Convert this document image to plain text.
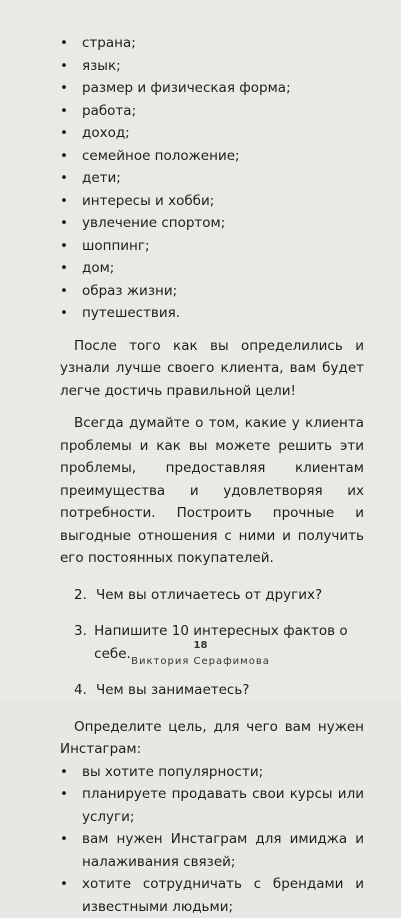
• страна;
• язык;
• размер и физическая форма;
• работа;
• доход;
• семейное положение;
• дети;
• интересы и хобби;
• увлечение спортом;
• шоппинг;
• дом;
• образ жизни;
• путешествия.

После того как вы определились и узнали лучше своего клиента, вам будет легче достичь правильной цели!

Всегда думайте о том, какие у клиента проблемы и как вы можете решить эти проблемы, предоставляя клиентам преимущества и удовлетворяя их потребности. Построить прочные и выгодные отношения с ними и получить его постоянных покупателей.

2. Чем вы отличаетесь от других?
3. Напишите 10 интересных фактов о себе.
4. Чем вы занимаетесь?

Определите цель, для чего вам нужен Инстаграм:

• вы хотите популярности;
• планируете продавать свои курсы или услуги;
• вам нужен Инстаграм для имиджа и налаживания связей;
• хотите сотрудничать с брендами и известными людьми;
18
Виктория Серафимова
